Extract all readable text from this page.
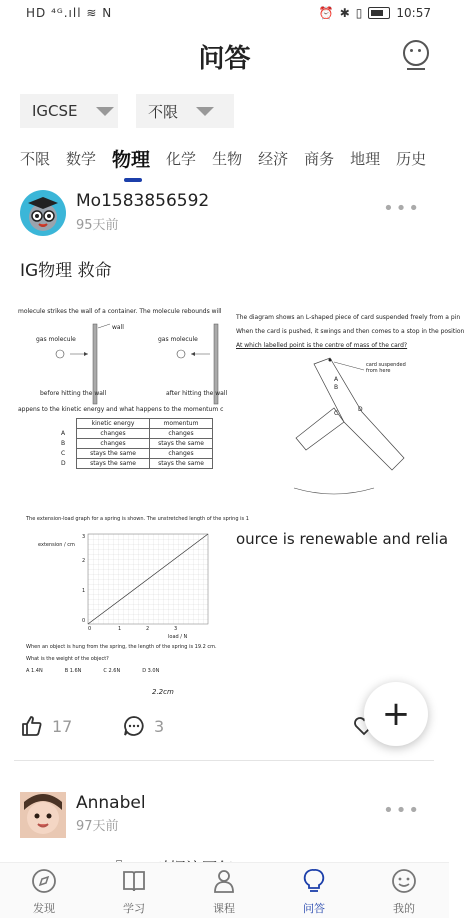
HD ⁴ᴳ.ıll ≋ N	⏰ ✱ ▯	10:57
问答
IGCSE	不限
不限 数学 物理 化学 生物 经济 商务 地理 历史
Mo1583856592
95天前
•••
IG物理 救命
molecule strikes the wall of a container. The molecule rebounds will
wall
gas molecule	gas molecule
before hitting the wall	after hitting the wall
appens to the kinetic energy and what happens to the momentum c
	kinetic energy	momentum
A	changes	changes
B	changes	stays the same
C	stays the same	changes
D	stays the same	stays the same
The diagram shows an L-shaped piece of card suspended freely from a pin
When the card is pushed, it swings and then comes to a stop in the position
At which labelled point is the centre of mass of the card?
card suspended from here
A
B
C
D
The extension-load graph for a spring is shown. The unstretched length of the spring is 1
extension / cm
0
1
2
3
0	1	2	3
load / N
When an object is hung from the spring, the length of the spring is 19.2 cm.
What is the weight of the object?
A 1.4N	B 1.6N	C 2.6N	D 3.0N
2.2cm
ource is renewable and relia
17	3	+
Annabel
97天前
•••
发现	学习	课程	问答	我的
